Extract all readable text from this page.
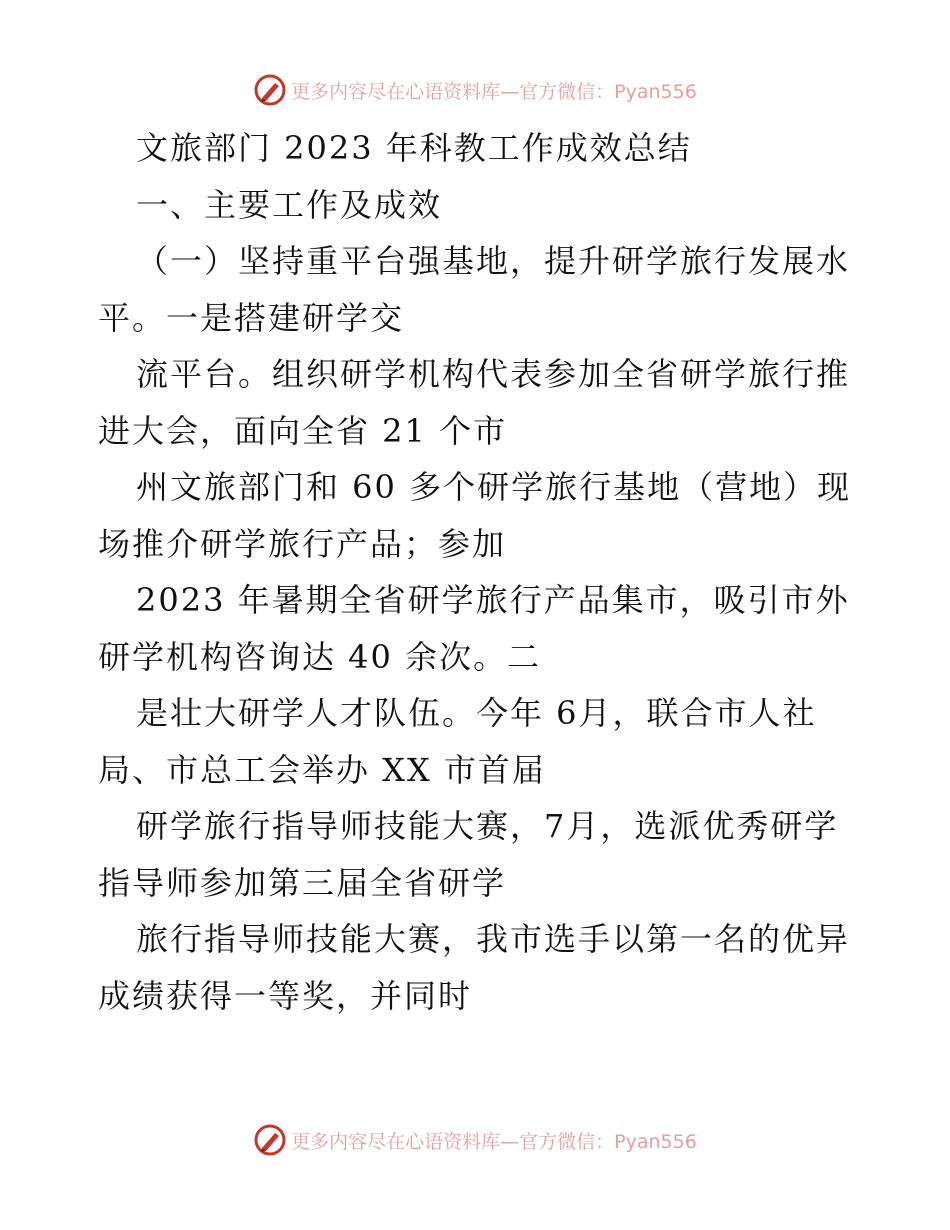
更多内容尽在心语资料库—官方微信：Pyan556
文旅部门 2023 年科教工作成效总结
一、主要工作及成效
（一）坚持重平台强基地，提升研学旅行发展水
平。一是搭建研学交
流平台。组织研学机构代表参加全省研学旅行推
进大会，面向全省 21 个市
州文旅部门和 60 多个研学旅行基地（营地）现
场推介研学旅行产品；参加
2023 年暑期全省研学旅行产品集市，吸引市外
研学机构咨询达 40 余次。二
是壮大研学人才队伍。今年 6月，联合市人社
局、市总工会举办 XX 市首届
研学旅行指导师技能大赛，7月，选派优秀研学
指导师参加第三届全省研学
旅行指导师技能大赛，我市选手以第一名的优异
成绩获得一等奖，并同时
更多内容尽在心语资料库—官方微信：Pyan556
